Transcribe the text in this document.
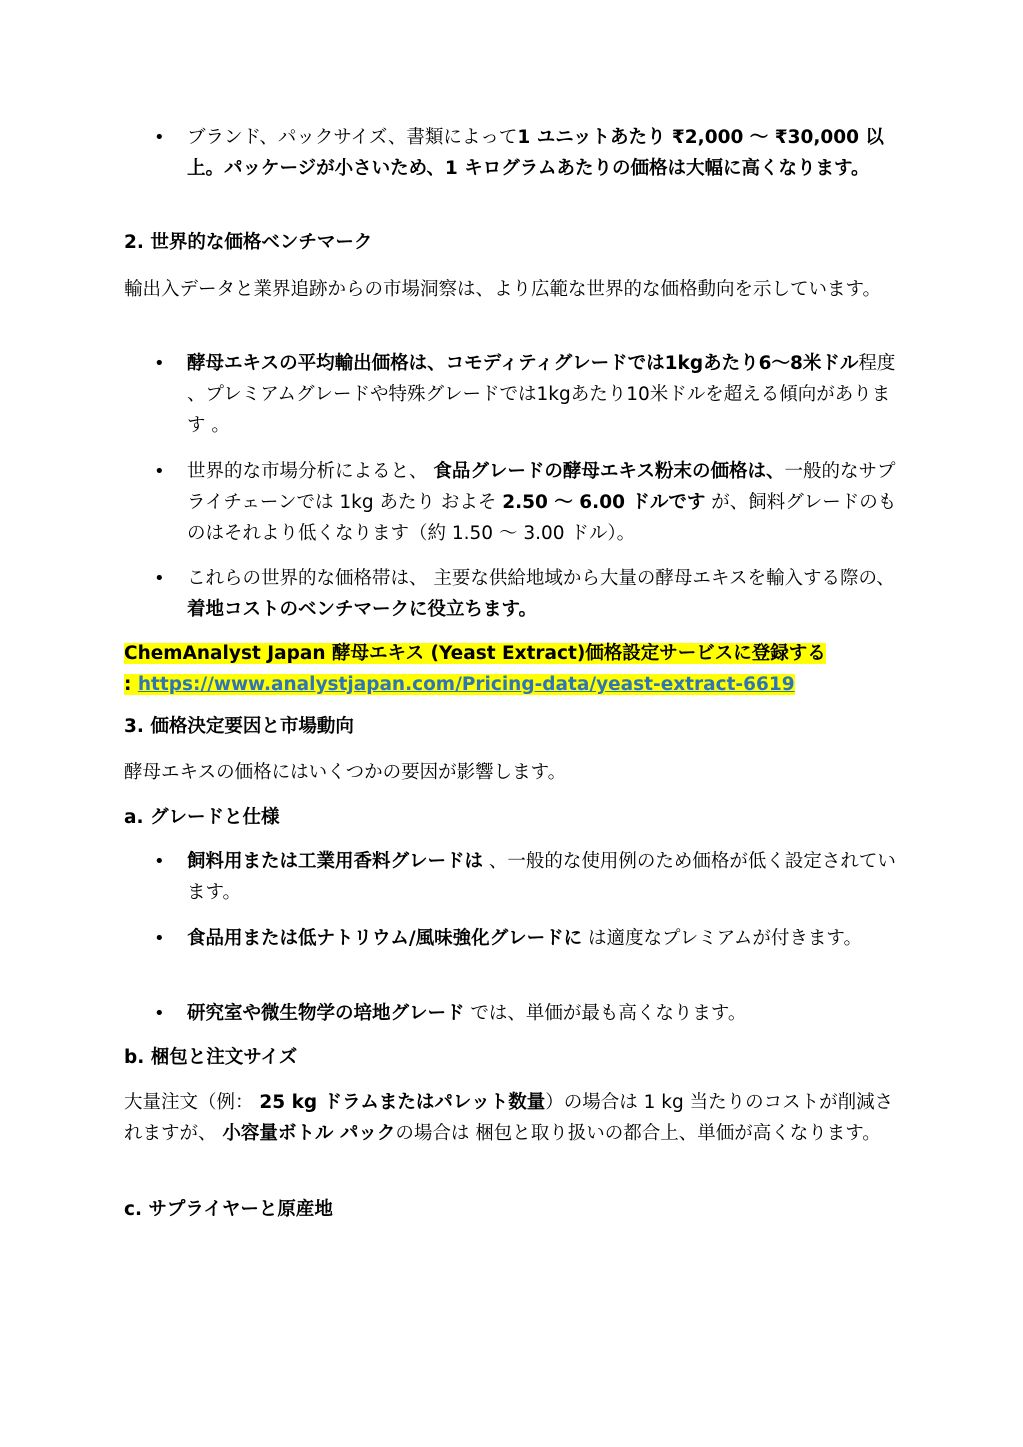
• ブランド、パックサイズ、書類によって1 ユニットあたり ₹2,000 〜 ₹30,000 以上。パッケージが小さいため、1 キログラムあたりの価格は大幅に高くなります。

2. 世界的な価格ベンチマーク

輸出入データと業界追跡からの市場洞察は、より広範な世界的な価格動向を示しています。

• 酵母エキスの平均輸出価格は、コモディティグレードでは1kgあたり6〜8米ドル程度 、プレミアムグレードや特殊グレードでは1kgあたり10米ドルを超える傾向があります 。

• 世界的な市場分析によると、 食品グレードの酵母エキス粉末の価格は、一般的なサプライチェーンでは 1kg あたり およそ 2.50 〜 6.00 ドルです が、飼料グレードのものはそれより低くなります（約 1.50 〜 3.00 ドル）。

• これらの世界的な価格帯は、 主要な供給地域から大量の酵母エキスを輸入する際の、着地コストのベンチマークに役立ちます。

ChemAnalyst Japan 酵母エキス (Yeast Extract)価格設定サービスに登録する
: https://www.analystjapan.com/Pricing-data/yeast-extract-6619

3. 価格決定要因と市場動向

酵母エキスの価格にはいくつかの要因が影響します。

a. グレードと仕様

• 飼料用または工業用香料グレードは 、一般的な使用例のため価格が低く設定されています。

• 食品用または低ナトリウム/風味強化グレードに は適度なプレミアムが付きます。

• 研究室や微生物学の培地グレード では、単価が最も高くなります。

b. 梱包と注文サイズ

大量注文（例： 25 kg ドラムまたはパレット数量）の場合は 1 kg 当たりのコストが削減されますが、 小容量ボトル パックの場合は 梱包と取り扱いの都合上、単価が高くなります。

c. サプライヤーと原産地
